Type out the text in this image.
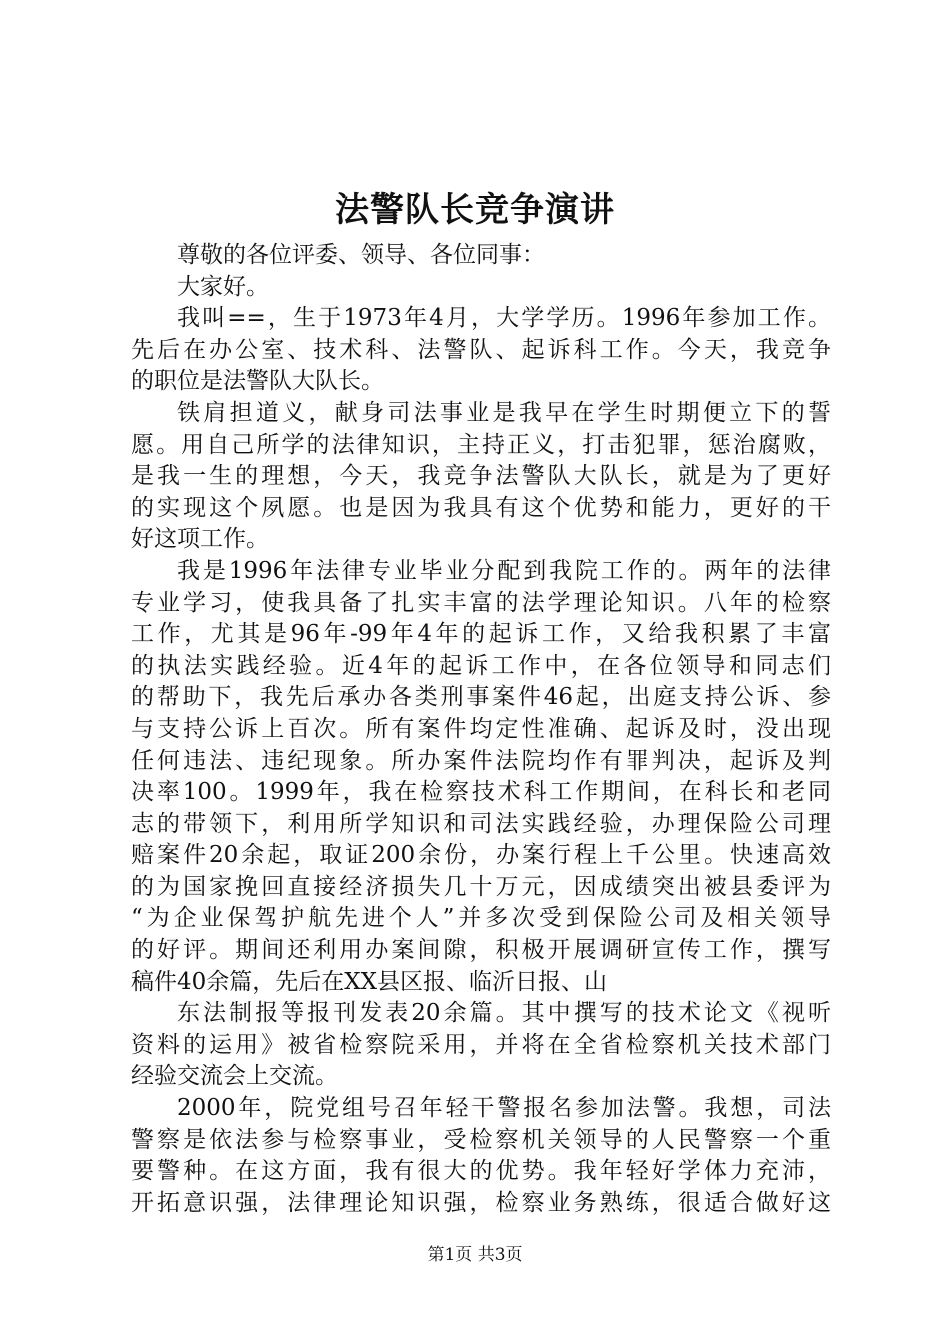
法警队长竞争演讲
尊敬的各位评委、领导、各位同事：
大家好。
我叫==，生于1973年4月，大学学历。1996年参加工作。
先后在办公室、技术科、法警队、起诉科工作。今天，我竞争
的职位是法警队大队长。
铁肩担道义，献身司法事业是我早在学生时期便立下的誓
愿。用自己所学的法律知识，主持正义，打击犯罪，惩治腐败，
是我一生的理想，今天，我竞争法警队大队长，就是为了更好
的实现这个夙愿。也是因为我具有这个优势和能力，更好的干
好这项工作。
我是1996年法律专业毕业分配到我院工作的。两年的法律
专业学习，使我具备了扎实丰富的法学理论知识。八年的检察
工作，尤其是96年-99年4年的起诉工作，又给我积累了丰富
的执法实践经验。近4年的起诉工作中，在各位领导和同志们
的帮助下，我先后承办各类刑事案件46起，出庭支持公诉、参
与支持公诉上百次。所有案件均定性准确、起诉及时，没出现
任何违法、违纪现象。所办案件法院均作有罪判决，起诉及判
决率100。1999年，我在检察技术科工作期间，在科长和老同
志的带领下，利用所学知识和司法实践经验，办理保险公司理
赔案件20余起，取证200余份，办案行程上千公里。快速高效
的为国家挽回直接经济损失几十万元，因成绩突出被县委评为
“为企业保驾护航先进个人”并多次受到保险公司及相关领导
的好评。期间还利用办案间隙，积极开展调研宣传工作，撰写
稿件40余篇，先后在XX县区报、临沂日报、山
东法制报等报刊发表20余篇。其中撰写的技术论文《视听
资料的运用》被省检察院采用，并将在全省检察机关技术部门
经验交流会上交流。
2000年，院党组号召年轻干警报名参加法警。我想，司法
警察是依法参与检察事业，受检察机关领导的人民警察一个重
要警种。在这方面，我有很大的优势。我年轻好学体力充沛，
开拓意识强，法律理论知识强，检察业务熟练，很适合做好这
第1页 共3页
